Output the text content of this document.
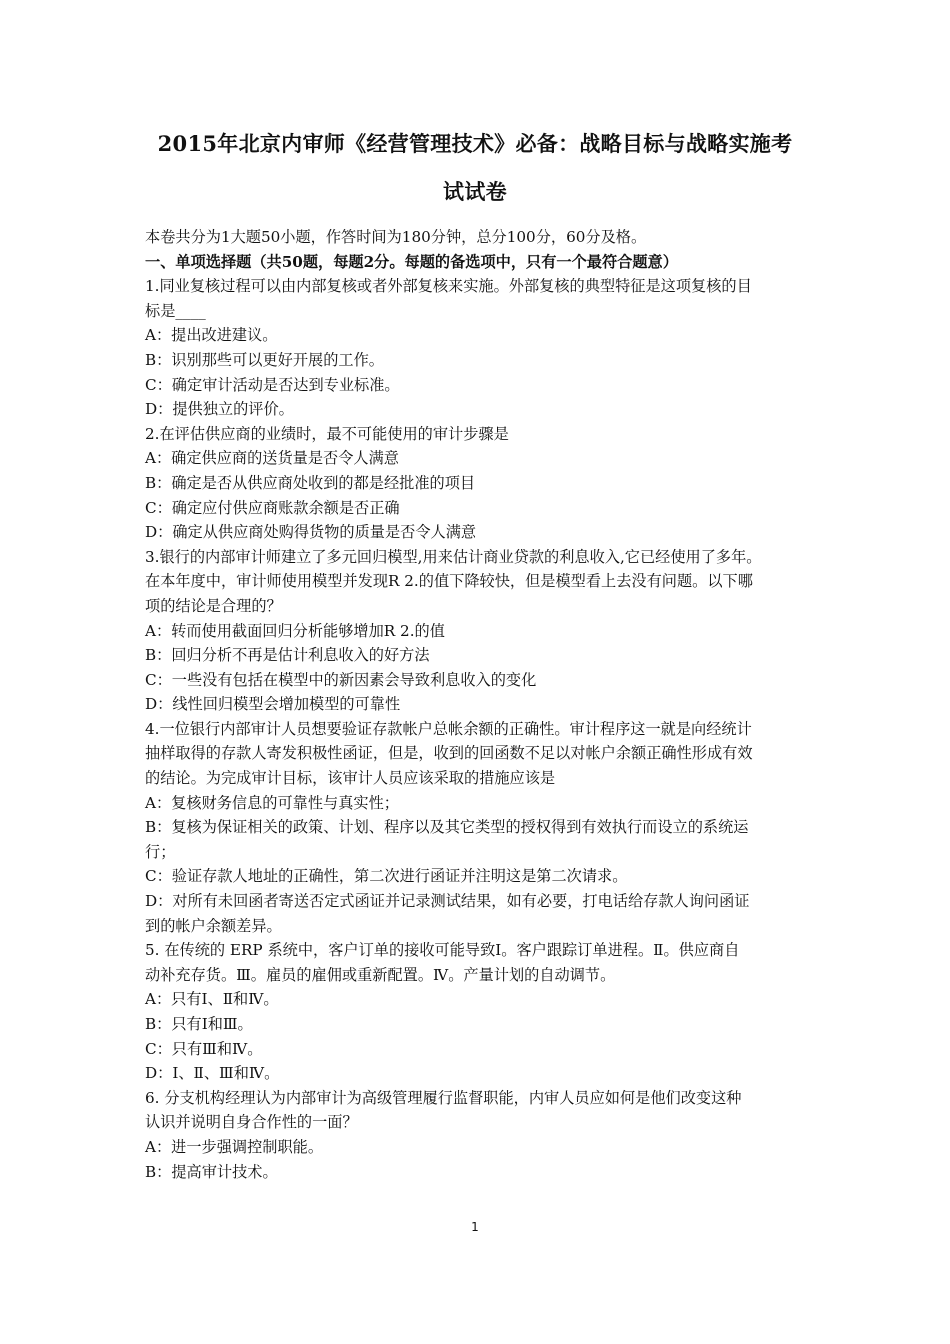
2015年北京内审师《经营管理技术》必备：战略目标与战略实施考
试试卷

本卷共分为1大题50小题，作答时间为180分钟，总分100分，60分及格。

一、单项选择题（共50题，每题2分。每题的备选项中，只有一个最符合题意）

1.同业复核过程可以由内部复核或者外部复核来实施。外部复核的典型特征是这项复核的目

标是____

A：提出改进建议。

B：识别那些可以更好开展的工作。

C：确定审计活动是否达到专业标准。

D：提供独立的评价。

2.在评估供应商的业绩时，最不可能使用的审计步骤是

A：确定供应商的送货量是否令人满意

B：确定是否从供应商处收到的都是经批准的项目

C：确定应付供应商账款余额是否正确

D：确定从供应商处购得货物的质量是否令人满意

3.银行的内部审计师建立了多元回归模型,用来估计商业贷款的利息收入,它已经使用了多年。

在本年度中，审计师使用模型并发现R 2.的值下降较快，但是模型看上去没有问题。以下哪

项的结论是合理的？

A：转而使用截面回归分析能够增加R 2.的值

B：回归分析不再是估计利息收入的好方法

C：一些没有包括在模型中的新因素会导致利息收入的变化

D：线性回归模型会增加模型的可靠性

4.一位银行内部审计人员想要验证存款帐户总帐余额的正确性。审计程序这一就是向经统计

抽样取得的存款人寄发积极性函证，但是，收到的回函数不足以对帐户余额正确性形成有效

的结论。为完成审计目标，该审计人员应该采取的措施应该是

A：复核财务信息的可靠性与真实性；

B：复核为保证相关的政策、计划、程序以及其它类型的授权得到有效执行而设立的系统运

行；

C：验证存款人地址的正确性，第二次进行函证并注明这是第二次请求。

D：对所有未回函者寄送否定式函证并记录测试结果，如有必要，打电话给存款人询问函证

到的帐户余额差异。

5. 在传统的 ERP 系统中，客户订单的接收可能导致Ⅰ。客户跟踪订单进程。Ⅱ。供应商自

动补充存货。Ⅲ。雇员的雇佣或重新配置。Ⅳ。产量计划的自动调节。

A：只有Ⅰ、Ⅱ和Ⅳ。

B：只有Ⅰ和Ⅲ。

C：只有Ⅲ和Ⅳ。

D：Ⅰ、Ⅱ、Ⅲ和Ⅳ。

6. 分支机构经理认为内部审计为高级管理履行监督职能，内审人员应如何是他们改变这种

认识并说明自身合作性的一面？

A：进一步强调控制职能。

B：提高审计技术。

1
